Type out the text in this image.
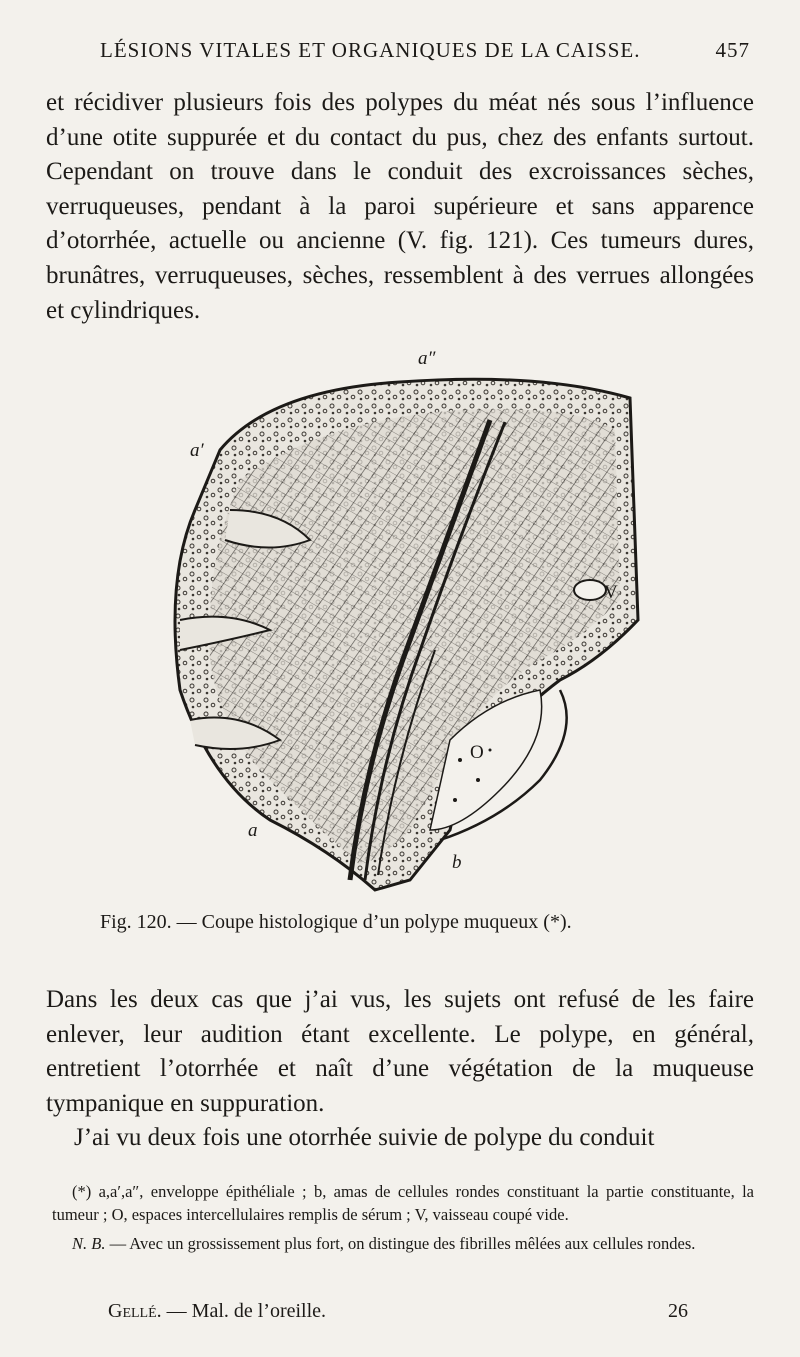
LÉSIONS VITALES ET ORGANIQUES DE LA CAISSE.	457

et récidiver plusieurs fois des polypes du méat nés sous l’influence d’une otite suppurée et du contact du pus, chez des enfants surtout. Cependant on trouve dans le conduit des excroissances sèches, verruqueuses, pendant à la paroi supérieure et sans apparence d’otorrhée, actuelle ou ancienne (V. fig. 121). Ces tumeurs dures, brunâtres, verruqueuses, sèches, ressemblent à des verrues allongées et cylindriques.

a″
a′
V
O
a
b
Fig. 120. — Coupe histologique d’un polype muqueux (*).

Dans les deux cas que j’ai vus, les sujets ont refusé de les faire enlever, leur audition étant excellente. Le polype, en général, entretient l’otorrhée et naît d’une végétation de la muqueuse tympanique en suppuration.

J’ai vu deux fois une otorrhée suivie de polype du conduit

(*) a,a′,a″, enveloppe épithéliale ; b, amas de cellules rondes constituant la partie constituante, la tumeur ; O, espaces intercellulaires remplis de sérum ; V, vaisseau coupé vide.

N. B. — Avec un grossissement plus fort, on distingue des fibrilles mêlées aux cellules rondes.

Gellé. — Mal. de l’oreille.	26
